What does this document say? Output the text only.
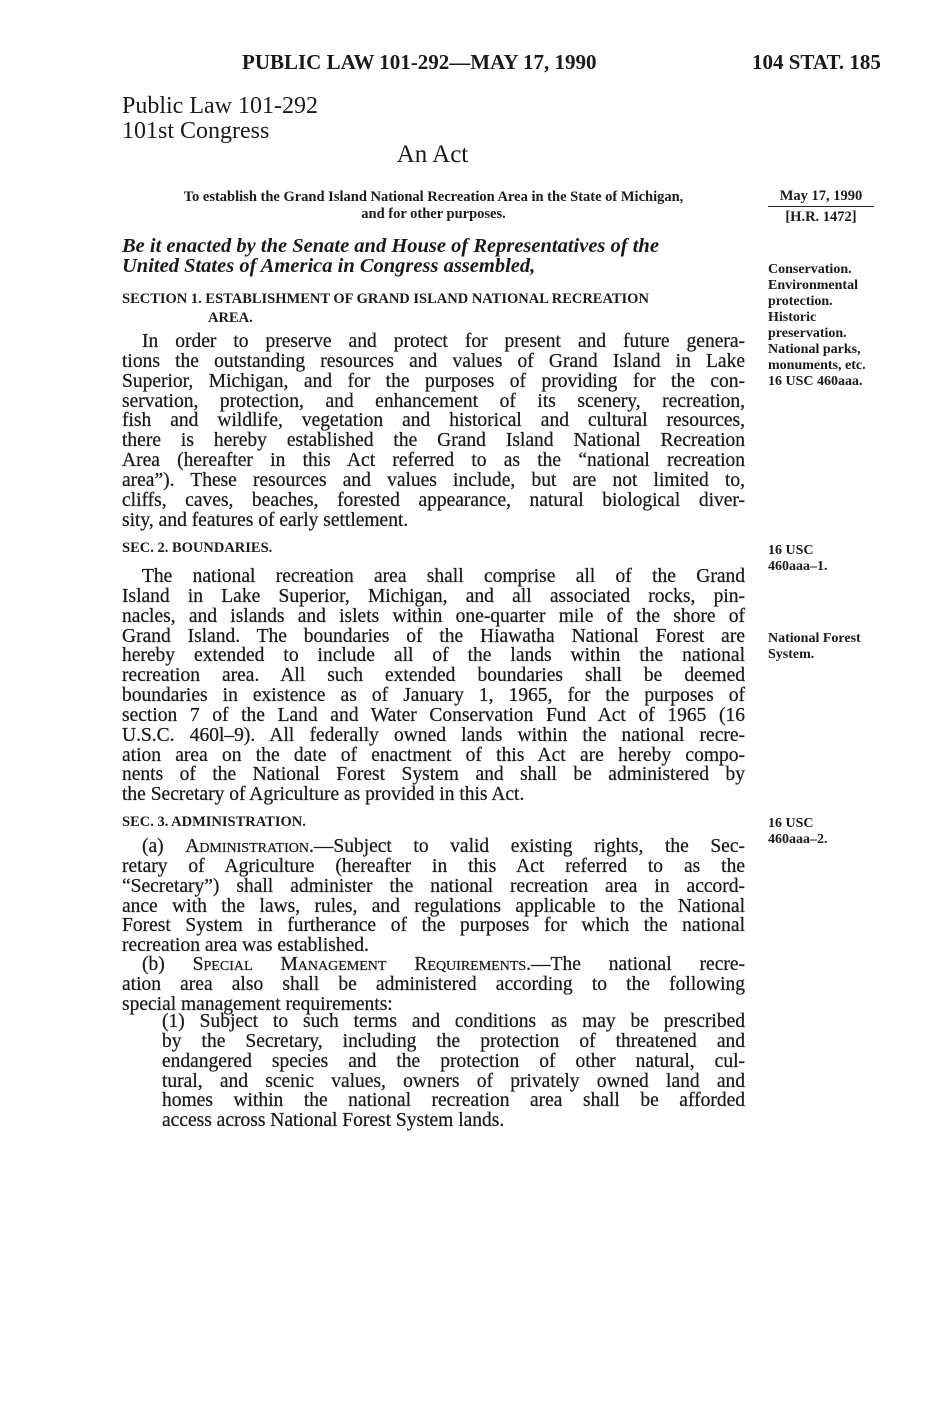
PUBLIC LAW 101-292—MAY 17, 1990	104 STAT. 185
Public Law 101-292
101st Congress
An Act
To establish the Grand Island National Recreation Area in the State of Michigan,
and for other purposes.
Be it enacted by the Senate and House of Representatives of the
United States of America in Congress assembled,
SECTION 1. ESTABLISHMENT OF GRAND ISLAND NATIONAL RECREATION
AREA.
In order to preserve and protect for present and future genera-
tions the outstanding resources and values of Grand Island in Lake
Superior, Michigan, and for the purposes of providing for the con-
servation, protection, and enhancement of its scenery, recreation,
fish and wildlife, vegetation and historical and cultural resources,
there is hereby established the Grand Island National Recreation
Area (hereafter in this Act referred to as the “national recreation
area”). These resources and values include, but are not limited to,
cliffs, caves, beaches, forested appearance, natural biological diver-
sity, and features of early settlement.
SEC. 2. BOUNDARIES.
The national recreation area shall comprise all of the Grand
Island in Lake Superior, Michigan, and all associated rocks, pin-
nacles, and islands and islets within one-quarter mile of the shore of
Grand Island. The boundaries of the Hiawatha National Forest are
hereby extended to include all of the lands within the national
recreation area. All such extended boundaries shall be deemed
boundaries in existence as of January 1, 1965, for the purposes of
section 7 of the Land and Water Conservation Fund Act of 1965 (16
U.S.C. 460l–9). All federally owned lands within the national recre-
ation area on the date of enactment of this Act are hereby compo-
nents of the National Forest System and shall be administered by
the Secretary of Agriculture as provided in this Act.
SEC. 3. ADMINISTRATION.
(a) Administration.—Subject to valid existing rights, the Sec-
retary of Agriculture (hereafter in this Act referred to as the
“Secretary”) shall administer the national recreation area in accord-
ance with the laws, rules, and regulations applicable to the National
Forest System in furtherance of the purposes for which the national
recreation area was established.
(b) Special Management Requirements.—The national recre-
ation area also shall be administered according to the following
special management requirements:
(1) Subject to such terms and conditions as may be prescribed
by the Secretary, including the protection of threatened and
endangered species and the protection of other natural, cul-
tural, and scenic values, owners of privately owned land and
homes within the national recreation area shall be afforded
access across National Forest System lands.
May 17, 1990
[H.R. 1472]
Conservation.
Environmental
protection.
Historic
preservation.
National parks,
monuments, etc.
16 USC 460aaa.
16 USC
460aaa–1.
National Forest
System.
16 USC
460aaa–2.
